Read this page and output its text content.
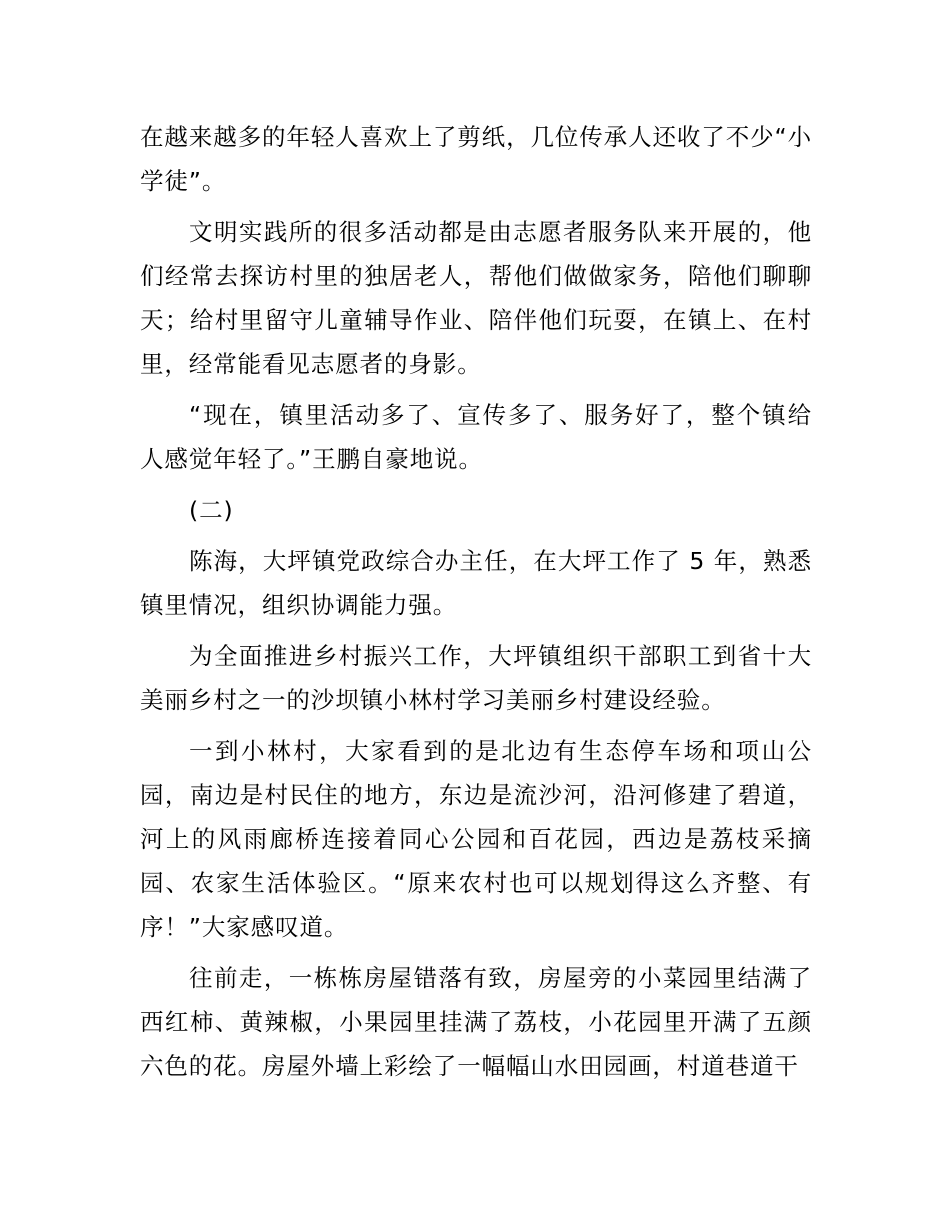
在越来越多的年轻人喜欢上了剪纸，几位传承人还收了不少“小学徒”。

文明实践所的很多活动都是由志愿者服务队来开展的，他们经常去探访村里的独居老人，帮他们做做家务，陪他们聊聊天；给村里留守儿童辅导作业、陪伴他们玩耍，在镇上、在村里，经常能看见志愿者的身影。

“现在，镇里活动多了、宣传多了、服务好了，整个镇给人感觉年轻了。”王鹏自豪地说。

(二)

陈海，大坪镇党政综合办主任，在大坪工作了 5 年，熟悉镇里情况，组织协调能力强。

为全面推进乡村振兴工作，大坪镇组织干部职工到省十大美丽乡村之一的沙坝镇小林村学习美丽乡村建设经验。

一到小林村，大家看到的是北边有生态停车场和项山公园，南边是村民住的地方，东边是流沙河，沿河修建了碧道，河上的风雨廊桥连接着同心公园和百花园，西边是荔枝采摘园、农家生活体验区。“原来农村也可以规划得这么齐整、有序！”大家感叹道。

往前走，一栋栋房屋错落有致，房屋旁的小菜园里结满了西红柿、黄辣椒，小果园里挂满了荔枝，小花园里开满了五颜六色的花。房屋外墙上彩绘了一幅幅山水田园画，村道巷道干
